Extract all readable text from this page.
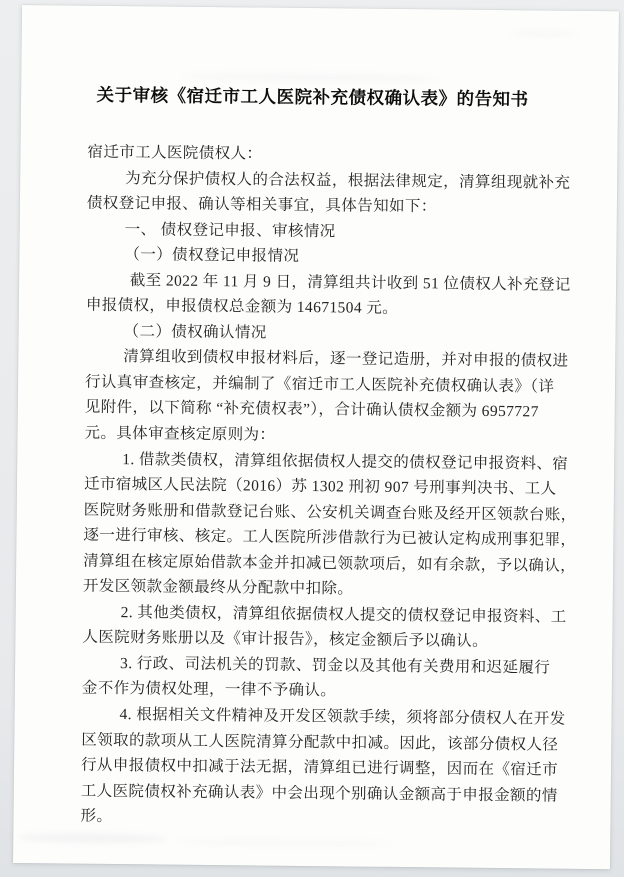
关于审核《宿迁市工人医院补充债权确认表》的告知书
宿迁市工人医院债权人：
为充分保护债权人的合法权益，根据法律规定，清算组现就补充
债权登记申报、确认等相关事宜，具体告知如下：
一、 债权登记申报、审核情况
（一）债权登记申报情况
截至 2022 年 11 月 9 日，清算组共计收到 51 位债权人补充登记
申报债权，申报债权总金额为 14671504 元。
（二）债权确认情况
清算组收到债权申报材料后，逐一登记造册，并对申报的债权进
行认真审查核定，并编制了《宿迁市工人医院补充债权确认表》（详
见附件，以下简称 “补充债权表”），合计确认债权金额为 6957727
元。具体审查核定原则为：
1. 借款类债权，清算组依据债权人提交的债权登记申报资料、宿
迁市宿城区人民法院（2016）苏 1302 刑初 907 号刑事判决书、工人
医院财务账册和借款登记台账、公安机关调查台账及经开区领款台账，
逐一进行审核、核定。工人医院所涉借款行为已被认定构成刑事犯罪，
清算组在核定原始借款本金并扣减已领款项后，如有余款，予以确认，
开发区领款金额最终从分配款中扣除。
2. 其他类债权，清算组依据债权人提交的债权登记申报资料、工
人医院财务账册以及《审计报告》，核定金额后予以确认。
3. 行政、司法机关的罚款、罚金以及其他有关费用和迟延履行
金不作为债权处理，一律不予确认。
4. 根据相关文件精神及开发区领款手续，须将部分债权人在开发
区领取的款项从工人医院清算分配款中扣减。因此，该部分债权人径
行从申报债权中扣减于法无据，清算组已进行调整，因而在《宿迁市
工人医院债权补充确认表》中会出现个别确认金额高于申报金额的情
形。
